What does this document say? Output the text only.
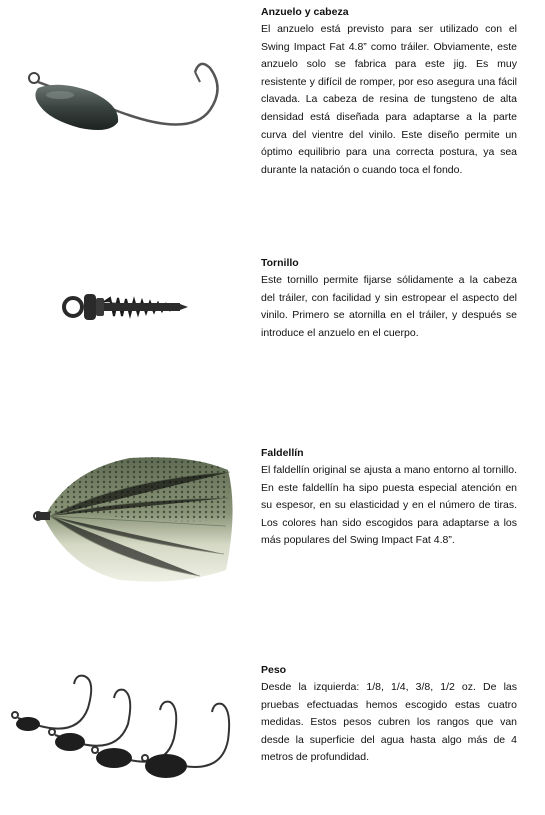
Anzuelo y cabeza

El anzuelo está previsto para ser utilizado con el Swing Impact Fat 4.8” como tráiler. Obviamente, este anzuelo solo se fabrica para este jig. Es muy resistente y difícil de romper, por eso asegura una fácil clavada. La cabeza de resina de tungsteno de alta densidad está diseñada para adaptarse a la parte curva del vientre del vinilo. Este diseño permite un óptimo equilibrio para una correcta postura, ya sea durante la natación o cuando toca el fondo.

Tornillo

Este tornillo permite fijarse sólidamente a la cabeza del tráiler, con facilidad y sin estropear el aspecto del vinilo. Primero se atornilla en el tráiler, y después se introduce el anzuelo en el cuerpo.

Faldellín

El faldellín original se ajusta a mano entorno al tornillo. En este faldellín ha sipo puesta especial atención en su espesor, en su elasticidad y en el número de tiras. Los colores han sido escogidos para adaptarse a los más populares del Swing Impact Fat 4.8”.

Peso

Desde la izquierda: 1/8, 1/4, 3/8, 1/2 oz. De las pruebas efectuadas hemos escogido estas cuatro medidas. Estos pesos cubren los rangos que van desde la superficie del agua hasta algo más de 4 metros de profundidad.
